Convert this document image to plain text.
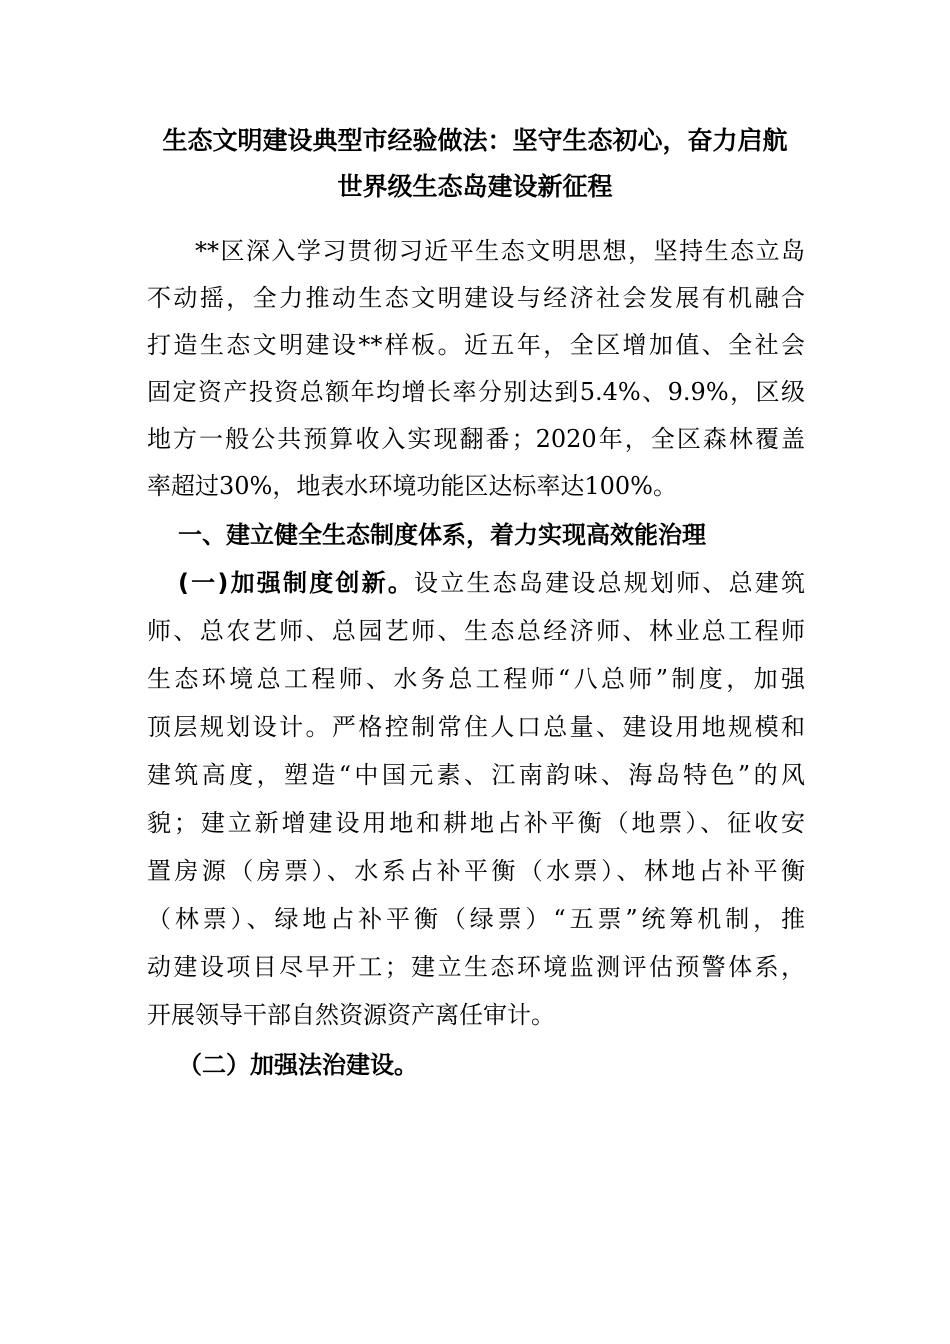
生态文明建设典型市经验做法：坚守生态初心，奋力启航
世界级生态岛建设新征程
**区深入学习贯彻习近平生态文明思想，坚持生态立岛
不动摇，全力推动生态文明建设与经济社会发展有机融合
打造生态文明建设**样板。近五年，全区增加值、全社会
固定资产投资总额年均增长率分别达到5.4%、9.9%，区级
地方一般公共预算收入实现翻番；2020年，全区森林覆盖
率超过30%，地表水环境功能区达标率达100%。
一、建立健全生态制度体系，着力实现高效能治理
(一)加强制度创新。设立生态岛建设总规划师、总建筑
师、总农艺师、总园艺师、生态总经济师、林业总工程师
生态环境总工程师、水务总工程师“八总师”制度，加强
顶层规划设计。严格控制常住人口总量、建设用地规模和
建筑高度，塑造“中国元素、江南韵味、海岛特色”的风
貌；建立新增建设用地和耕地占补平衡（地票）、征收安
置房源（房票）、水系占补平衡（水票）、林地占补平衡
（林票）、绿地占补平衡（绿票）“五票”统筹机制，推
动建设项目尽早开工；建立生态环境监测评估预警体系，
开展领导干部自然资源资产离任审计。
（二）加强法治建设。
